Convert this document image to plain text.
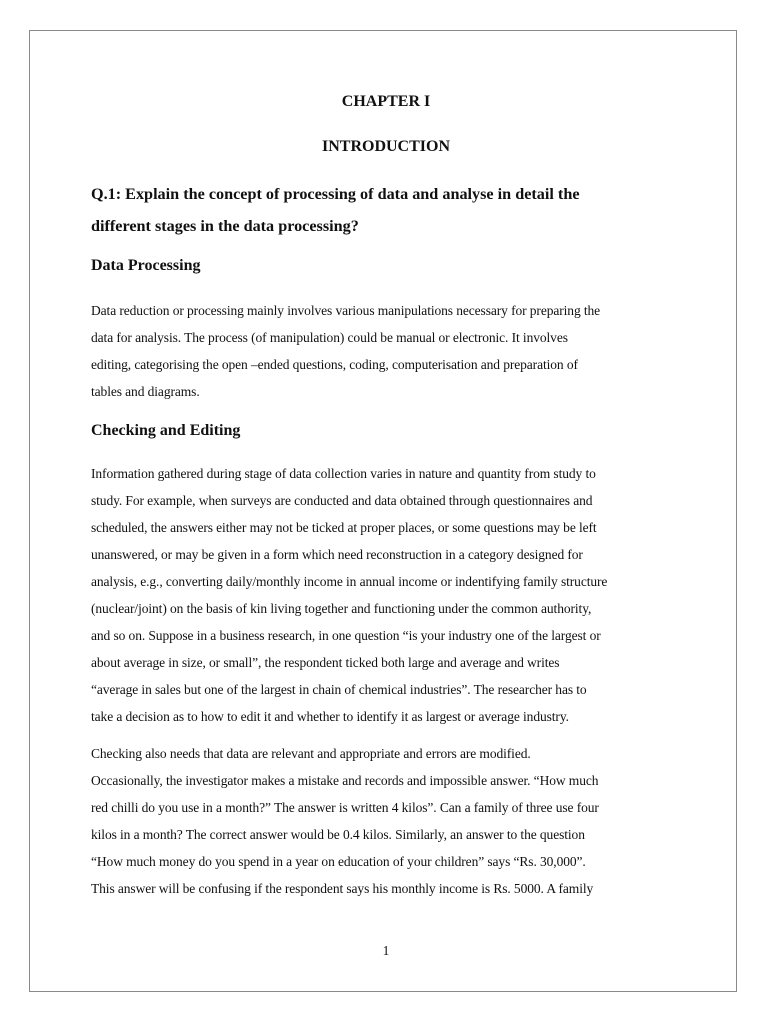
CHAPTER I
INTRODUCTION

Q.1: Explain the concept of processing of data and analyse in detail the
different stages in the data processing?

Data Processing

Data reduction or processing mainly involves various manipulations necessary for preparing the
data for analysis. The process (of manipulation) could be manual or electronic. It involves
editing, categorising the open –ended questions, coding, computerisation and preparation of
tables and diagrams.

Checking and Editing

Information gathered during stage of data collection varies in nature and quantity from study to
study. For example, when surveys are conducted and data obtained through questionnaires and
scheduled, the answers either may not be ticked at proper places, or some questions may be left
unanswered, or may be given in a form which need reconstruction in a category designed for
analysis, e.g., converting daily/monthly income in annual income or indentifying family structure
(nuclear/joint) on the basis of kin living together and functioning under the common authority,
and so on. Suppose in a business research, in one question “is your industry one of the largest or
about average in size, or small”, the respondent ticked both large and average and writes
“average in sales but one of the largest in chain of chemical industries”. The researcher has to
take a decision as to how to edit it and whether to identify it as largest or average industry.

Checking also needs that data are relevant and appropriate and errors are modified.
Occasionally, the investigator makes a mistake and records and impossible answer. “How much
red chilli do you use in a month?” The answer is written 4 kilos”. Can a family of three use four
kilos in a month? The correct answer would be 0.4 kilos. Similarly, an answer to the question
“How much money do you spend in a year on education of your children” says “Rs. 30,000”.
This answer will be confusing if the respondent says his monthly income is Rs. 5000. A family

1
